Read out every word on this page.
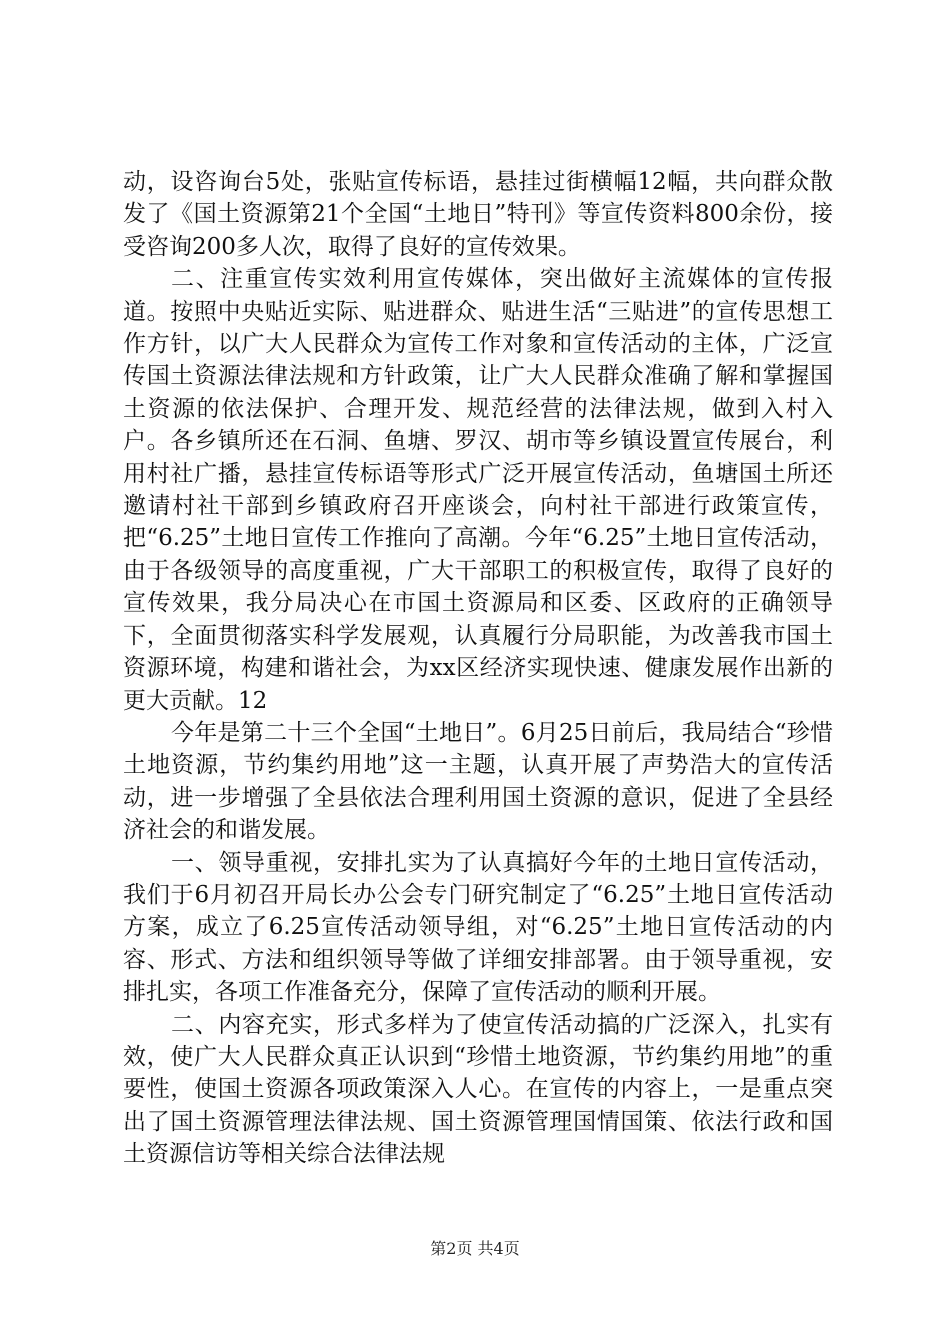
动，设咨询台5处，张贴宣传标语，悬挂过街横幅12幅，共向群众散发了《国土资源第21个全国“土地日”特刊》等宣传资料800余份，接受咨询200多人次，取得了良好的宣传效果。

二、注重宣传实效利用宣传媒体，突出做好主流媒体的宣传报道。按照中央贴近实际、贴进群众、贴进生活“三贴进”的宣传思想工作方针，以广大人民群众为宣传工作对象和宣传活动的主体，广泛宣传国土资源法律法规和方针政策，让广大人民群众准确了解和掌握国土资源的依法保护、合理开发、规范经营的法律法规，做到入村入户。各乡镇所还在石洞、鱼塘、罗汉、胡市等乡镇设置宣传展台，利用村社广播，悬挂宣传标语等形式广泛开展宣传活动，鱼塘国土所还邀请村社干部到乡镇政府召开座谈会，向村社干部进行政策宣传，把“6.25”土地日宣传工作推向了高潮。今年“6.25”土地日宣传活动，由于各级领导的高度重视，广大干部职工的积极宣传，取得了良好的宣传效果，我分局决心在市国土资源局和区委、区政府的正确领导下，全面贯彻落实科学发展观，认真履行分局职能，为改善我市国土资源环境，构建和谐社会，为xx区经济实现快速、健康发展作出新的更大贡献。12

今年是第二十三个全国“土地日”。6月25日前后，我局结合“珍惜土地资源，节约集约用地”这一主题，认真开展了声势浩大的宣传活动，进一步增强了全县依法合理利用国土资源的意识，促进了全县经济社会的和谐发展。

一、领导重视，安排扎实为了认真搞好今年的土地日宣传活动，我们于6月初召开局长办公会专门研究制定了“6.25”土地日宣传活动方案，成立了6.25宣传活动领导组，对“6.25”土地日宣传活动的内容、形式、方法和组织领导等做了详细安排部署。由于领导重视，安排扎实，各项工作准备充分，保障了宣传活动的顺利开展。

二、内容充实，形式多样为了使宣传活动搞的广泛深入，扎实有效，使广大人民群众真正认识到“珍惜土地资源，节约集约用地”的重要性，使国土资源各项政策深入人心。在宣传的内容上，一是重点突出了国土资源管理法律法规、国土资源管理国情国策、依法行政和国土资源信访等相关综合法律法规

第2页 共4页
